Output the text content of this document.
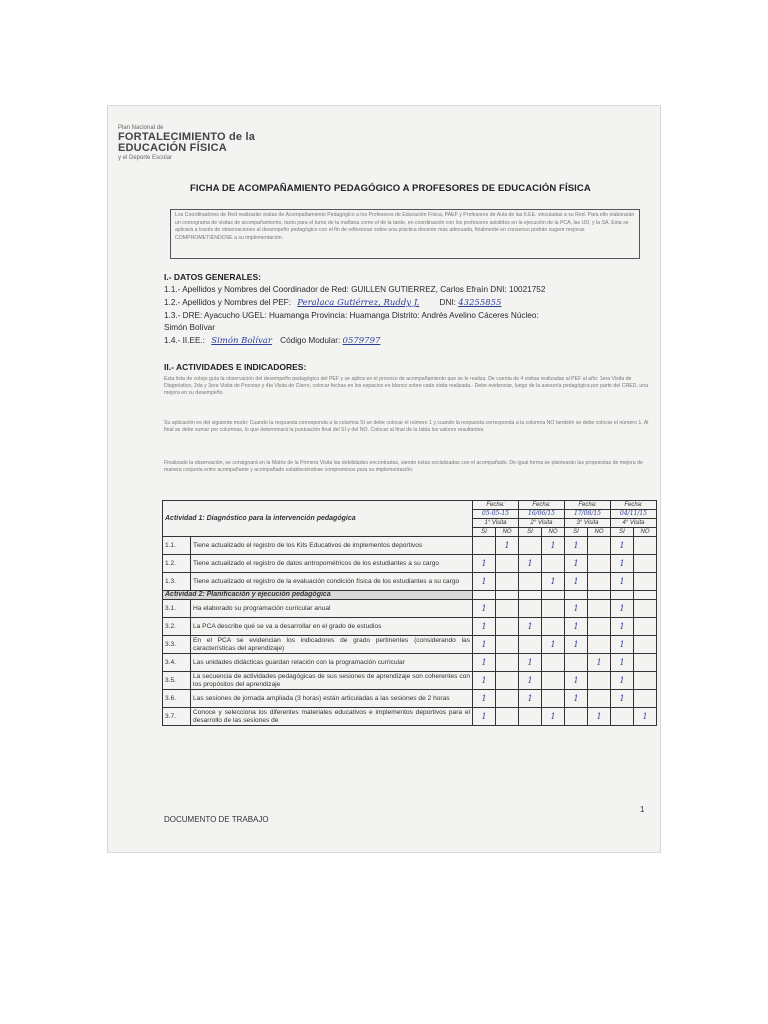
Plan Nacional de
FORTALECIMIENTO de la
EDUCACIÓN FÍSICA
y el Deporte Escolar
FICHA DE ACOMPAÑAMIENTO PEDAGÓGICO A PROFESORES DE EDUCACIÓN FÍSICA
Los Coordinadores de Red realizarán visitas de Acompañamiento Pedagógico a los Profesores de Educación Física, PAEF y Profesores de Aula de las II.EE. vinculadas a su Red. Para ello elaborarán un cronograma de visitas de acompañamiento, tanto para el turno de la mañana como el de la tarde, en coordinación con los profesores asistidos en la ejecución de la PCA, las UD, y la SA. Esta se aplicará a través de observaciones al desempeño pedagógico con el fin de reflexionar sobre una práctica docente más adecuada, finalmente en consenso podrán sugerir mejoras COMPROMETIÉNDOSE a su implementación.
I.- DATOS GENERALES:
1.1.- Apellidos y Nombres del Coordinador de Red: GUILLEN GUTIERREZ, Carlos Efraín DNI: 10021752
1.2.- Apellidos y Nombres del PEF: Peralaca Gutiérrez, Ruddy J. DNI: 43255855
1.3.- DRE: Ayacucho UGEL: Huamanga Provincia: Huamanga Distrito: Andrés Avelino Cáceres Núcleo:
Simón Bolívar
1.4.- II.EE.: Simón Bolívar Código Modular: 0579797
II.- ACTIVIDADES E INDICADORES:
Esta lista de cotejo guía la observación del desempeño pedagógico del PEF y se aplica en el proceso de acompañamiento que se le realiza. De cuenta de 4 visitas realizadas al PEF al año: 1era Visita de Diagnóstico, 2da y 3era Visita de Proceso y 4ta Visita de Cierre, colocar fechas en los espacios en blanco sobre cada visita realizada.- Debe evidenciar, luego de la asesoría pedagógica por parte del CRED, una mejora en su desempeño.
Su aplicación es del siguiente modo: Cuando la respuesta corresponda a la columna SI se debe colocar el número 1 y cuando la respuesta corresponda a la columna NO también se debe colocar el número 1. Al final se debe sumar por columnas, lo que determinará la puntuación final del SI y del NO. Colocar al final de la tabla los valores resultantes.
Finalizado la observación, se consignará en la Matriz de la Primera Visita las debilidades encontradas, siendo estas socializadas con el acompañado. De igual forma se plantearán las propuestas de mejora de manera conjunta entre acompañante y acompañado estableciéndose compromisos para su implementación.
Actividad 1: Diagnóstico para la intervención pedagógica		Fecha:		Fecha:		Fecha:		Fecha:	
		05-05-15		16/06/15		17/08/15		04/11/15	
		1° Visita		2° Visita		3° Visita		4° Visita	
		SI	NO	SI	NO	SI	NO	SI	NO
1.1.	Tiene actualizado el registro de los Kits Educativos de implementos deportivos		1		1	1		1	
1.2.	Tiene actualizado el registro de datos antropométricos de los estudiantes a su cargo	1		1		1		1	
1.3.	Tiene actualizado el registro de la evaluación condición física de los estudiantes a su cargo	1			1	1		1	
Actividad 2: Planificación y ejecución pedagógica									
3.1.	Ha elaborado su programación curricular anual	1				1		1	
3.2.	La PCA describe qué se va a desarrollar en el grado de estudios	1		1		1		1	
3.3.	En el PCA se evidencian los indicadores de grado pertinentes (considerando las características del aprendizaje)	1			1	1		1	
3.4.	Las unidades didácticas guardan relación con la programación curricular	1		1			1	1	
3.5.	La secuencia de actividades pedagógicas de sus sesiones de aprendizaje son coherentes con los propósitos del aprendizaje	1		1		1		1	
3.6.	Las sesiones de jornada ampliada (3 horas) están articuladas a las sesiones de 2 horas	1		1		1		1	
3.7.	Conoce y selecciona los diferentes materiales educativos e implementos deportivos para el desarrollo de las sesiones de	1			1		1		1
DOCUMENTO DE TRABAJO
1
